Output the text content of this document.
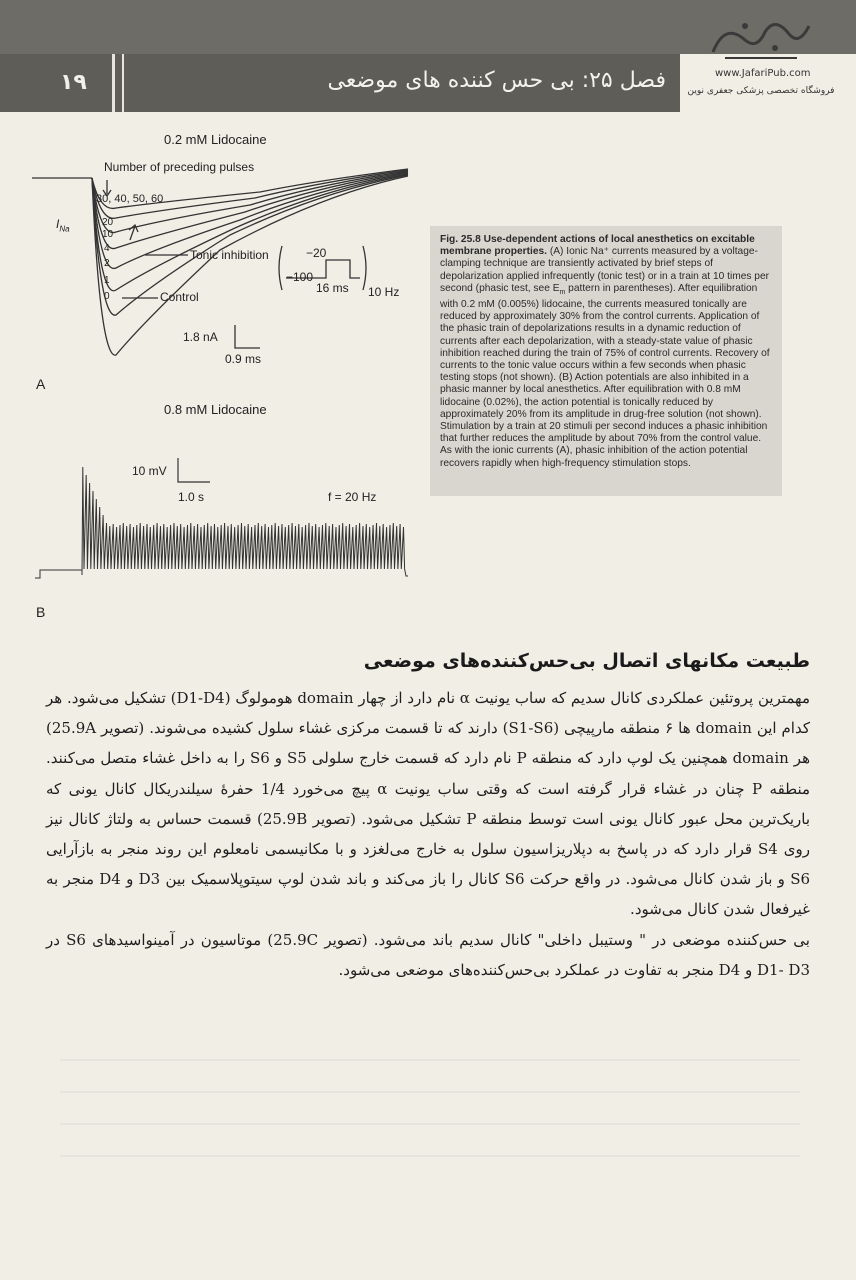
۱۹	فصل ۲۵: بی حس کننده های موضعی	www.JafariPub.com
فروشگاه تخصصی پزشکی جعفری نوین
0.2 mM Lidocaine
Number of preceding pulses
30, 40, 50, 60
$I_{Na}$
20
10
4
2
1
0
Tonic inhibition
Control
−20
−100
16 ms 10 Hz
1.8 nA
0.9 ms
A
0.8 mM Lidocaine
10 mV
1.0 s	f = 20 Hz
B
Fig. 25.8 Use-dependent actions of local anesthetics on excitable membrane properties. (A) Ionic Na⁺ currents measured by a voltage-clamping technique are transiently activated by brief steps of depolarization applied infrequently (tonic test) or in a train at 10 times per second (phasic test, see $E_m$ pattern in parentheses). After equilibration with 0.2 mM (0.005%) lidocaine, the currents measured tonically are reduced by approximately 30% from the control currents. Application of the phasic train of depolarizations results in a dynamic reduction of currents after each depolarization, with a steady-state value of phasic inhibition reached during the train of 75% of control currents. Recovery of currents to the tonic value occurs within a few seconds when phasic testing stops (not shown). (B) Action potentials are also inhibited in a phasic manner by local anesthetics. After equilibration with 0.8 mM lidocaine (0.02%), the action potential is tonically reduced by approximately 20% from its amplitude in drug-free solution (not shown). Stimulation by a train at 20 stimuli per second induces a phasic inhibition that further reduces the amplitude by about 70% from the control value. As with the ionic currents (A), phasic inhibition of the action potential recovers rapidly when high-frequency stimulation stops.
طبیعت مکانهای اتصال بی‌حس‌کننده‌های موضعی

مهمترین پروتئین عملکردی کانال سدیم که ساب یونیت α نام دارد از چهار domain هومولوگ (D1-D4) تشکیل می‌شود. هر کدام این domain ها ۶ منطقه مارپیچی (S1-S6) دارند که تا قسمت مرکزی غشاء سلول کشیده می‌شوند. (تصویر 25.9A) هر domain همچنین یک لوپ دارد که منطقه P نام دارد که قسمت خارج سلولی S5 و S6 را به داخل غشاء متصل می‌کنند. منطقه P چنان در غشاء قرار گرفته است که وقتی ساب یونیت α پیچ می‌خورد 1/4 حفرهٔ سیلندریکال کانال یونی که باریک‌ترین محل عبور کانال یونی است توسط منطقه P تشکیل می‌شود. (تصویر 25.9B) قسمت حساس به ولتاژ کانال نیز روی S4 قرار دارد که در پاسخ به دپلاریزاسیون سلول به خارج می‌لغزد و با مکانیسمی نامعلوم این روند منجر به بازآرایی S6 و باز شدن کانال می‌شود. در واقع حرکت S6 کانال را باز می‌کند و باند شدن لوپ سیتوپلاسمیک بین D3 و D4 منجر به غیرفعال شدن کانال می‌شود.

بی حس‌کننده موضعی در " وستیبل داخلی" کانال سدیم باند می‌شود. (تصویر 25.9C) موتاسیون در آمینواسیدهای S6 در D1- D3 و D4 منجر به تفاوت در عملکرد بی‌حس‌کننده‌های موضعی می‌شود.
